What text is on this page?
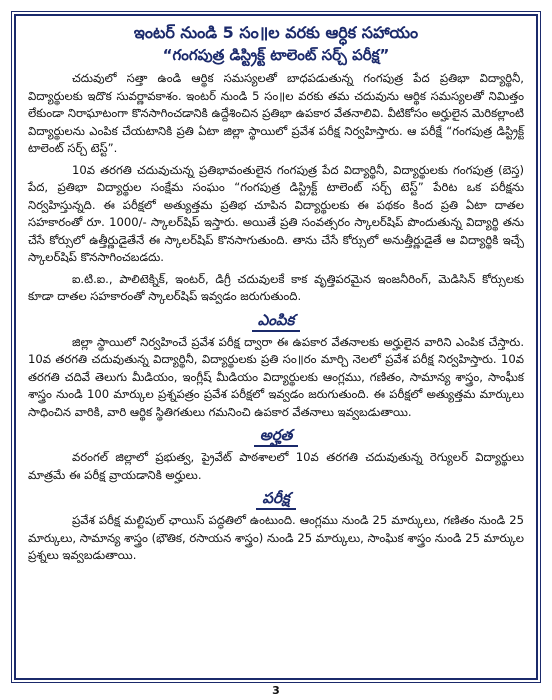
ఇంటర్ నుండి 5 సం॥ల వరకు ఆర్ధిక సహాయం
“గంగపుత్ర డిస్ట్రిక్ట్ టాలెంట్ సర్చ్ పరీక్ష”

చదువులో సత్తా ఉండి ఆర్థిక సమస్యలతో బాధపడుతున్న గంగపుత్ర పేద ప్రతిభా విద్యార్థినీ, విద్యార్థులకు ఇదొక సువర్ణావకాశం. ఇంటర్ నుండి 5 సం॥ల వరకు తమ చదువును ఆర్థిక సమస్యలతో నిమిత్తం లేకుండా నిరాఘాటంగా కొనసాగించడానికి ఉద్దేశించిన ప్రతిభా ఉపకార వేతనాలివి. వీటికోసం అర్హులైన మెరికల్లాంటి విద్యార్థులను ఎంపిక చేయటానికి ప్రతి ఏటా జిల్లా స్థాయిలో ప్రవేశ పరీక్ష నిర్వహిస్తారు. ఆ పరీక్షే “గంగపుత్ర డిస్ట్రిక్ట్ టాలెంట్ సర్చ్ టెస్ట్”.

10వ తరగతి చదువుచున్న ప్రతిభావంతులైన గంగపుత్ర పేద విద్యార్థినీ, విద్యార్థులకు గంగపుత్ర (బెస్త) పేద, ప్రతిభా విద్యార్థుల సంక్షేమ సంఘం “గంగపుత్ర డిస్ట్రిక్ట్ టాలెంట్ సర్చ్ టెస్ట్” పేరిట ఒక పరీక్షను నిర్వహిస్తున్నది. ఈ పరీక్షలో అత్యుత్తమ ప్రతిభ చూపిన విద్యార్థులకు ఈ పథకం కింద ప్రతి ఏటా దాతల సహకారంతో రూ. 1000/- స్కాలర్‌షిప్ ఇస్తారు. అయితే ప్రతి సంవత్సరం స్కాలర్‌షిప్ పొందుతున్న విద్యార్థి తను చేసే కోర్సులో ఉత్తీర్ణుడైతేనే ఈ స్కాలర్‌షిప్ కొనసాగుతుంది. తాను చేసే కోర్సులో అనుత్తీర్ణుడైతే ఆ విద్యార్థికి ఇచ్చే స్కాలర్‌షిప్ కొనసాగించబడదు.

ఐ.టి.ఐ., పాలిటెక్నిక్, ఇంటర్, డిగ్రీ చదువులకే కాక వృత్తిపరమైన ఇంజనీరింగ్, మెడిసిన్ కోర్సులకు కూడా దాతల సహకారంతో స్కాలర్‌షిప్ ఇవ్వడం జరుగుతుంది.

ఎంపిక

జిల్లా స్థాయిలో నిర్వహించే ప్రవేశ పరీక్ష ద్వారా ఈ ఉపకార వేతనాలకు అర్హులైన వారిని ఎంపిక చేస్తారు. 10వ తరగతి చదువుతున్న విద్యార్థినీ, విద్యార్థులకు ప్రతి సం॥రం మార్చి నెలలో ప్రవేశ పరీక్ష నిర్వహిస్తారు. 10వ తరగతి చదివే తెలుగు మీడియం, ఇంగ్లీష్ మీడియం విద్యార్థులకు ఆంగ్లము, గణితం, సామాన్య శాస్త్రం, సాంఘీక శాస్త్రం నుండి 100 మార్కుల ప్రశ్నపత్రం ప్రవేశ పరీక్షలో ఇవ్వడం జరుగుతుంది. ఈ పరీక్షలో అత్యుత్తమ మార్కులు సాధించిన వారికి, వారి ఆర్థిక స్థితిగతులు గమనించి ఉపకార వేతనాలు ఇవ్వబడుతాయి.

అర్హత

వరంగల్ జిల్లాలో ప్రభుత్వ, ప్రైవేట్ పాఠశాలలో 10వ తరగతి చదువుతున్న రెగ్యులర్ విద్యార్థులు మాత్రమే ఈ పరీక్ష వ్రాయడానికి అర్హులు.

పరీక్ష

ప్రవేశ పరీక్ష మల్టిపుల్ ఛాయిస్ పద్ధతిలో ఉంటుంది. ఆంగ్లము నుండి 25 మార్కులు, గణితం నుండి 25 మార్కులు, సామాన్య శాస్త్రం (భౌతిక, రసాయన శాస్త్రం) నుండి 25 మార్కులు, సాంఘిక శాస్త్రం నుండి 25 మార్కుల ప్రశ్నలు ఇవ్వబడుతాయి.

3
